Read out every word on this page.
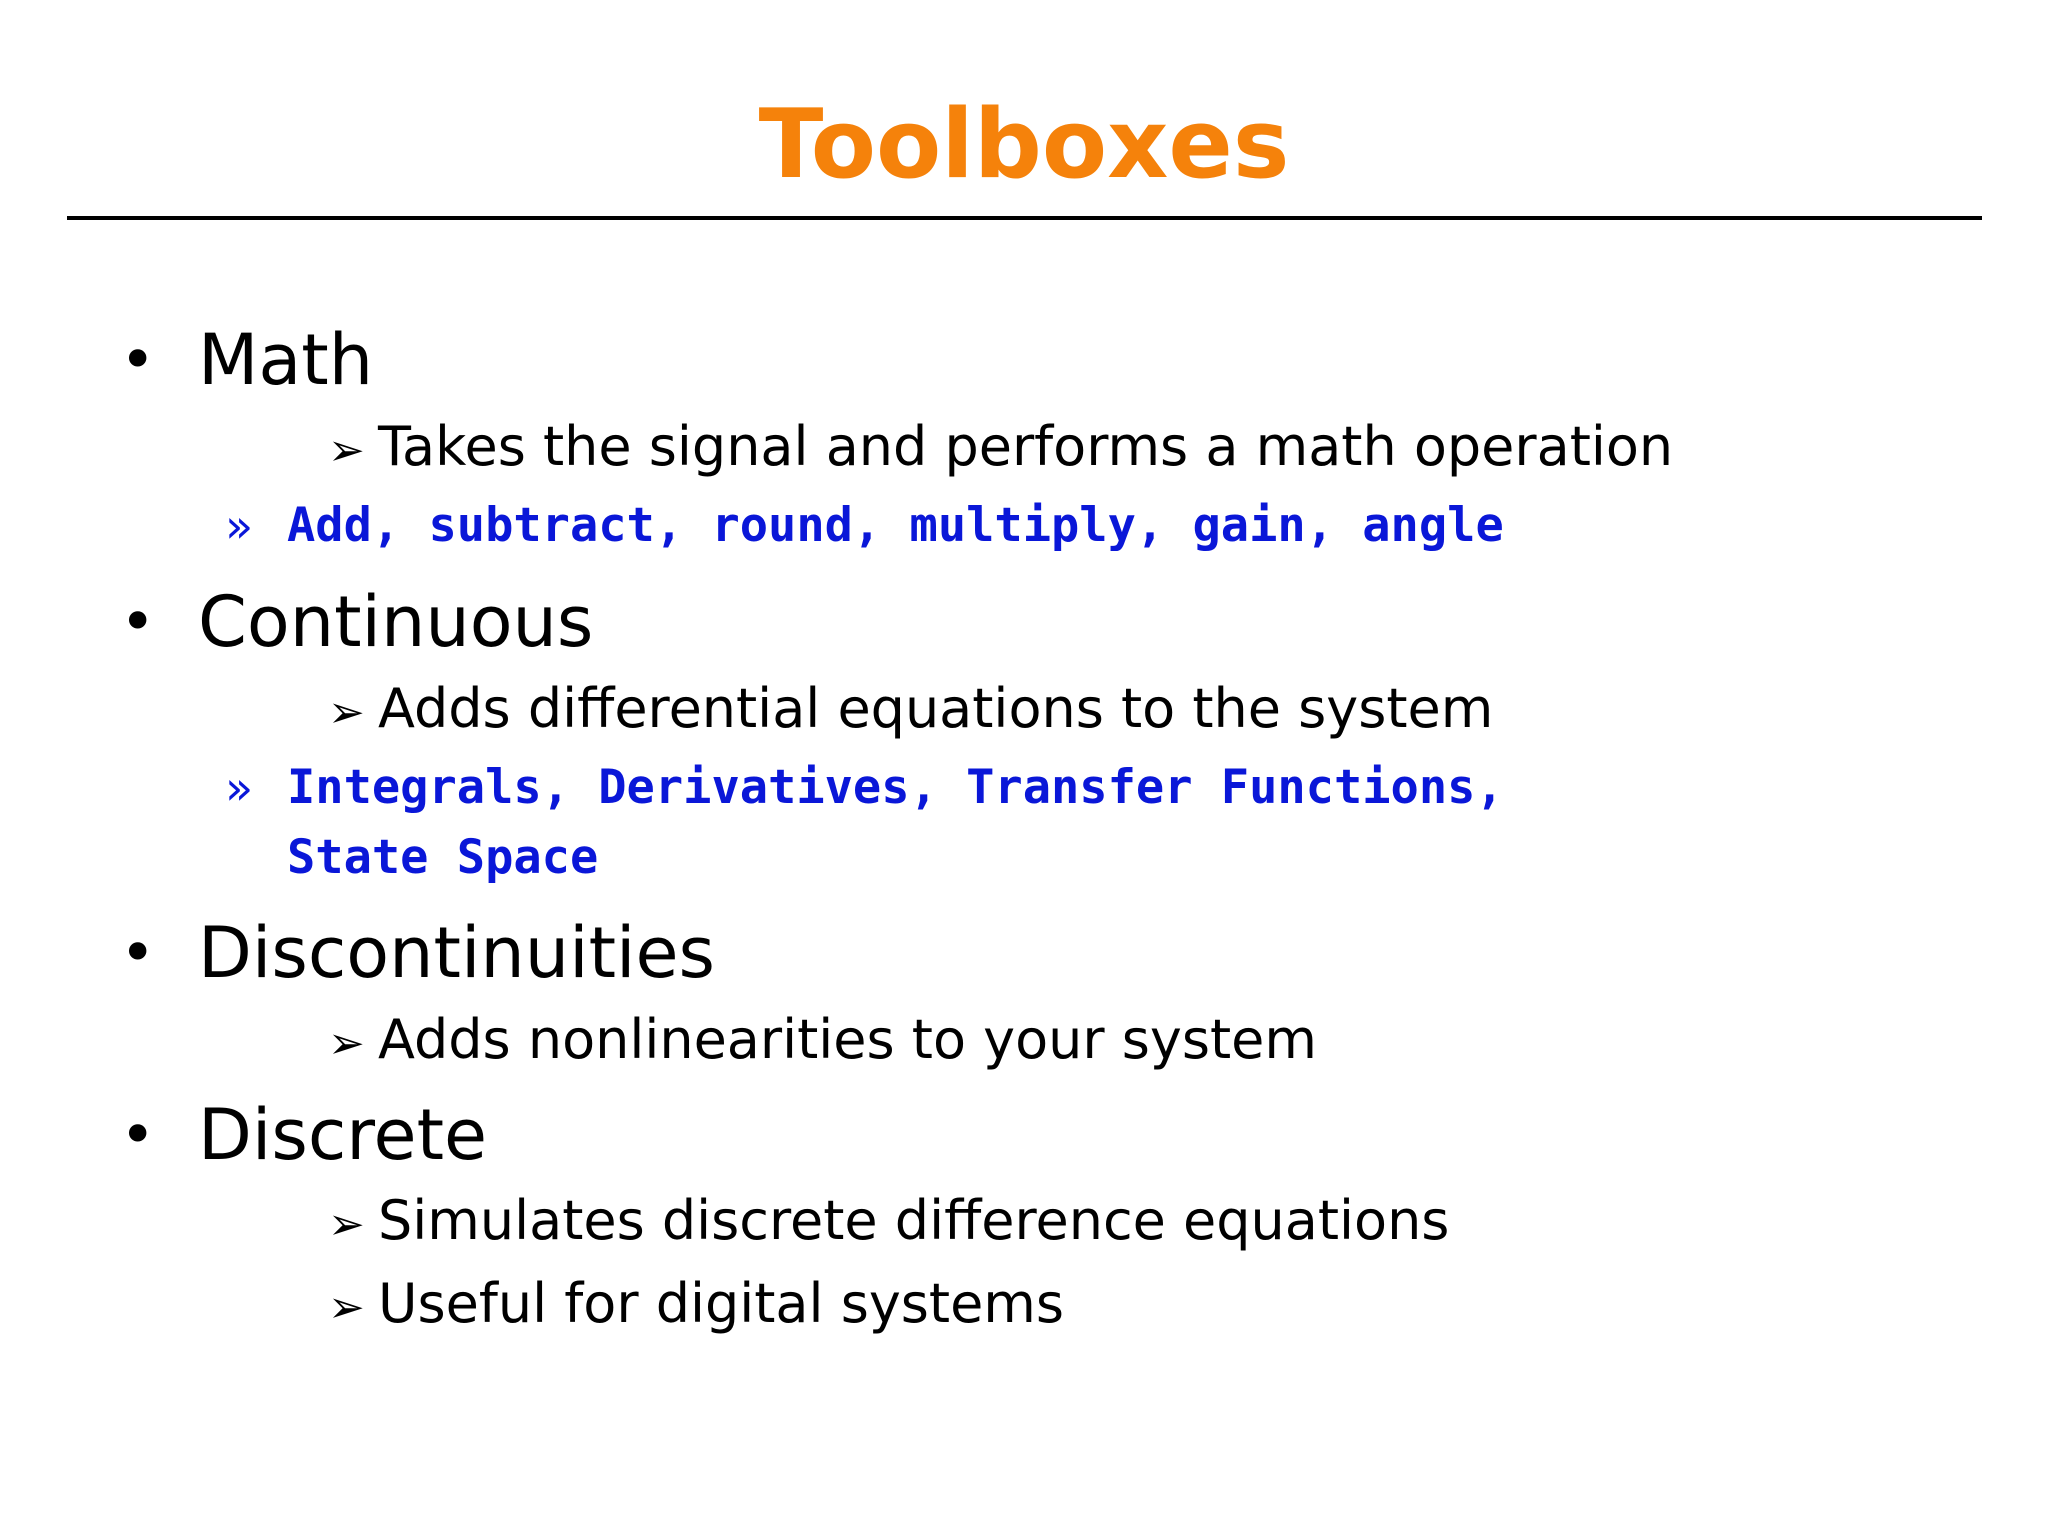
Toolboxes
• Math
➢ Takes the signal and performs a math operation
» Add, subtract, round, multiply, gain, angle
• Continuous
➢ Adds differential equations to the system
» Integrals, Derivatives, Transfer Functions,
State Space
• Discontinuities
➢ Adds nonlinearities to your system
• Discrete
➢ Simulates discrete difference equations
➢ Useful for digital systems
